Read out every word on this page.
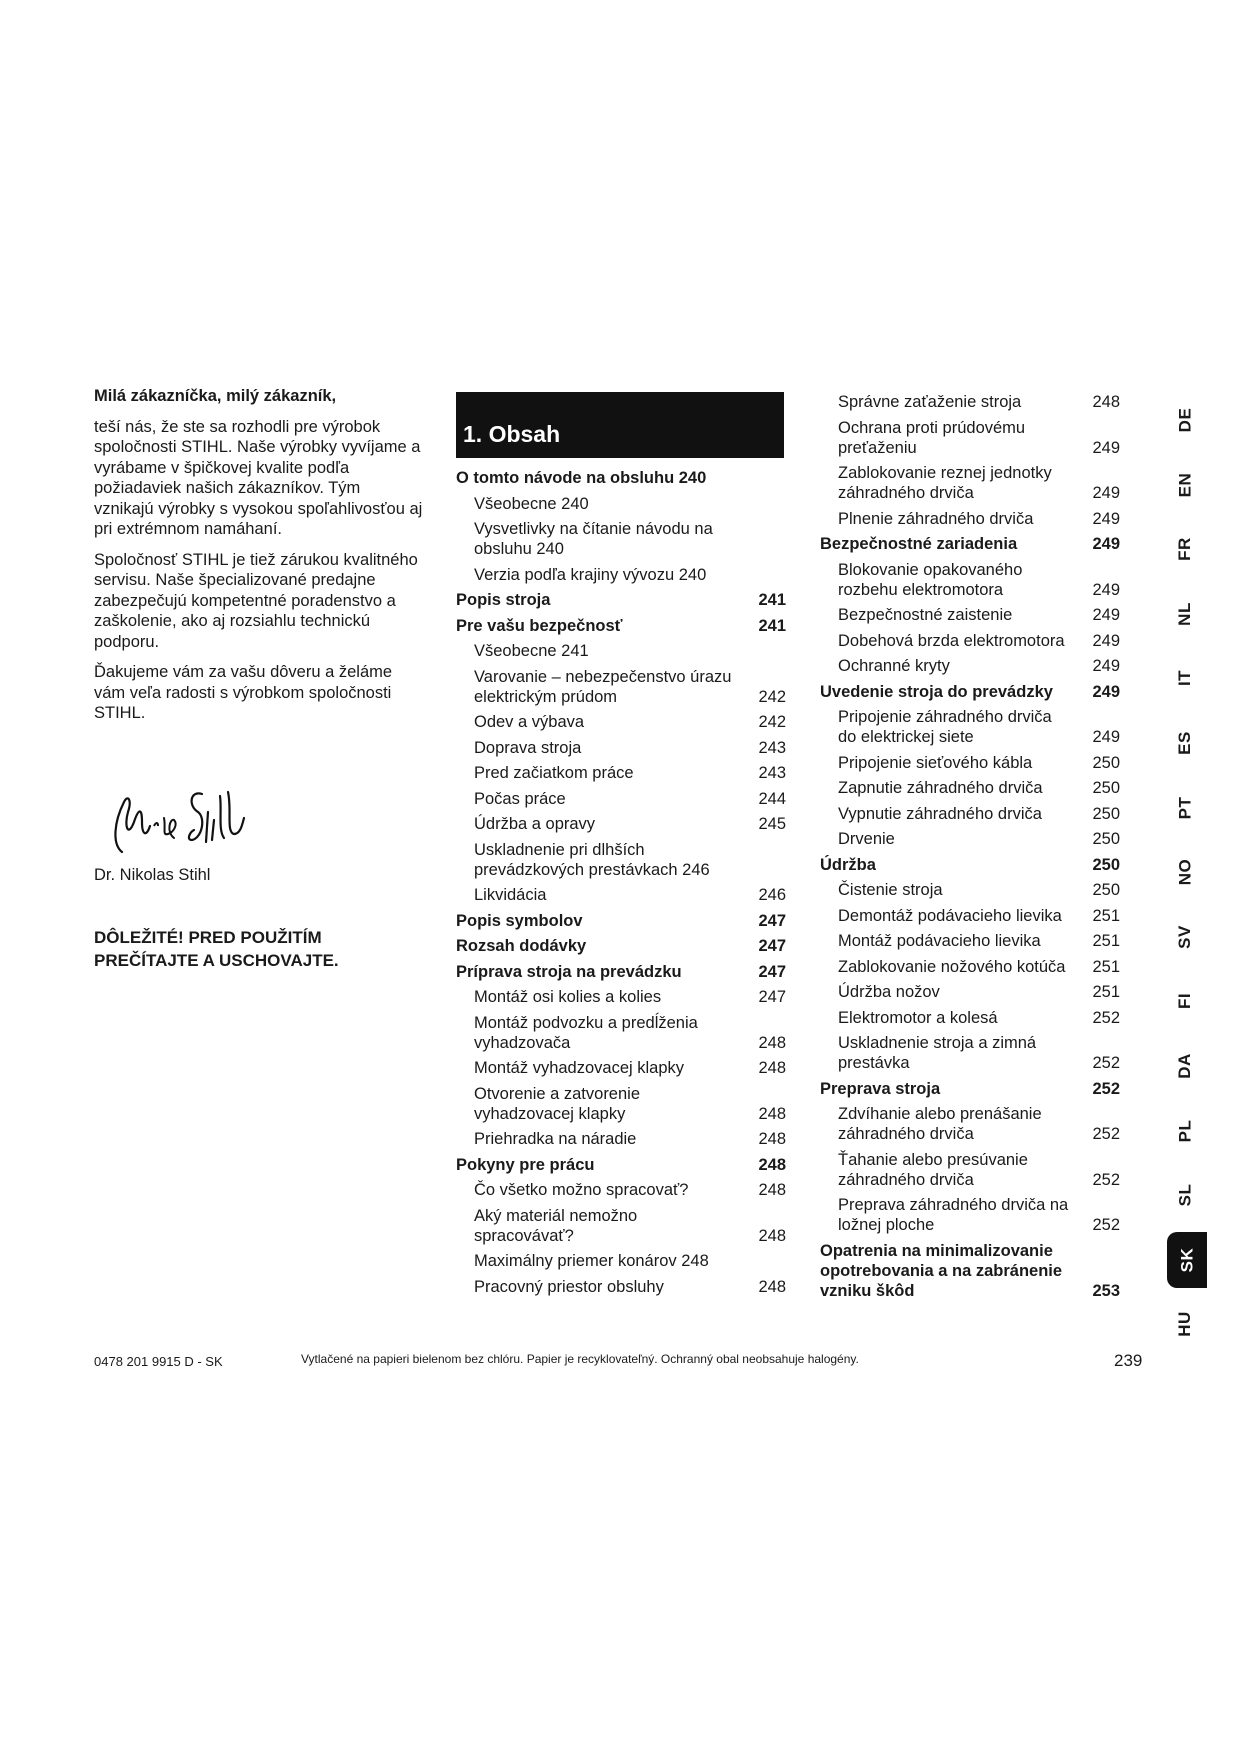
Milá zákazníčka, milý zákazník,

teší nás, že ste sa rozhodli pre výrobok spoločnosti STIHL. Naše výrobky vyvíjame a vyrábame v špičkovej kvalite podľa požiadaviek našich zákazníkov. Tým vznikajú výrobky s vysokou spoľahlivosťou aj pri extrémnom namáhaní.

Spoločnosť STIHL je tiež zárukou kvalitného servisu. Naše špecializované predajne zabezpečujú kompetentné poradenstvo a zaškolenie, ako aj rozsiahlu technickú podporu.

Ďakujeme vám za vašu dôveru a želáme vám veľa radosti s výrobkom spoločnosti STIHL.

Dr. Nikolas Stihl
DÔLEŽITÉ! PRED POUŽITÍM PREČÍTAJTE A USCHOVAJTE.
1. Obsah
O tomto návode na obsluhu 240
Všeobecne 240
Vysvetlivky na čítanie návodu na obsluhu 240
Verzia podľa krajiny vývozu 240
Popis stroja	241
Pre vašu bezpečnosť	241
Všeobecne 241
Varovanie – nebezpečenstvo úrazu elektrickým prúdom	242
Odev a výbava	242
Doprava stroja	243
Pred začiatkom práce	243
Počas práce	244
Údržba a opravy	245
Uskladnenie pri dlhších prevádzkových prestávkach 246
Likvidácia	246
Popis symbolov	247
Rozsah dodávky	247
Príprava stroja na prevádzku	247
Montáž osi kolies a kolies	247
Montáž podvozku a predĺženia vyhadzovača	248
Montáž vyhadzovacej klapky	248
Otvorenie a zatvorenie vyhadzovacej klapky	248
Priehradka na náradie	248
Pokyny pre prácu	248
Čo všetko možno spracovať?	248
Aký materiál nemožno spracovávať?	248
Maximálny priemer konárov 248
Pracovný priestor obsluhy	248
Správne zaťaženie stroja	248
Ochrana proti prúdovému preťaženiu	249
Zablokovanie reznej jednotky záhradného drviča	249
Plnenie záhradného drviča	249
Bezpečnostné zariadenia	249
Blokovanie opakovaného rozbehu elektromotora	249
Bezpečnostné zaistenie	249
Dobehová brzda elektromotora	249
Ochranné kryty	249
Uvedenie stroja do prevádzky	249
Pripojenie záhradného drviča do elektrickej siete	249
Pripojenie sieťového kábla	250
Zapnutie záhradného drviča	250
Vypnutie záhradného drviča	250
Drvenie	250
Údržba	250
Čistenie stroja	250
Demontáž podávacieho lievika	251
Montáž podávacieho lievika	251
Zablokovanie nožového kotúča	251
Údržba nožov	251
Elektromotor a kolesá	252
Uskladnenie stroja a zimná prestávka	252
Preprava stroja	252
Zdvíhanie alebo prenášanie záhradného drviča	252
Ťahanie alebo presúvanie záhradného drviča	252
Preprava záhradného drviča na ložnej ploche	252
Opatrenia na minimalizovanie opotrebovania a na zabránenie vzniku škôd	253
DE
EN
FR
NL
IT
ES
PT
NO
SV
FI
DA
PL
SL
SK
HU
0478 201 9915 D - SK	Vytlačené na papieri bielenom bez chlóru. Papier je recyklovateľný. Ochranný obal neobsahuje halogény.	239
